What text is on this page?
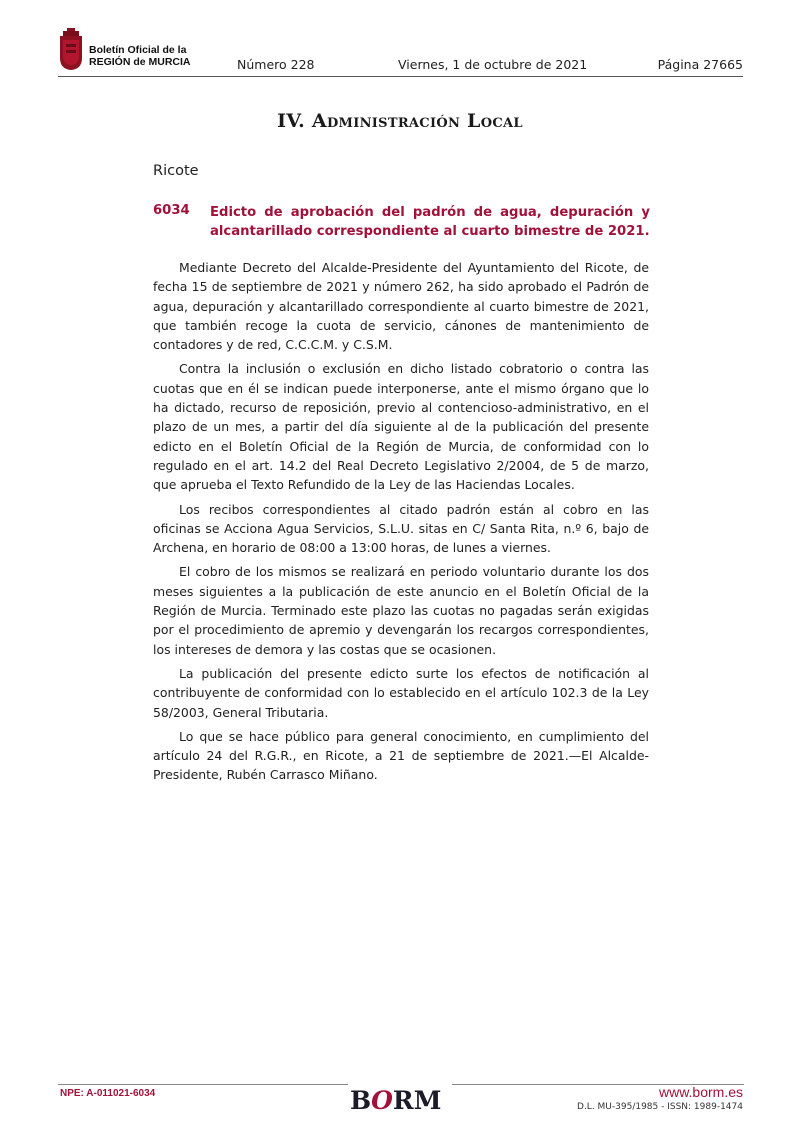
Boletín Oficial de la
REGIÓN de MURCIA	Número 228	Viernes, 1 de octubre de 2021	Página 27665
IV. Administración Local
Ricote
6034 Edicto de aprobación del padrón de agua, depuración y alcantarillado correspondiente al cuarto bimestre de 2021.

Mediante Decreto del Alcalde-Presidente del Ayuntamiento del Ricote, de fecha 15 de septiembre de 2021 y número 262, ha sido aprobado el Padrón de agua, depuración y alcantarillado correspondiente al cuarto bimestre de 2021, que también recoge la cuota de servicio, cánones de mantenimiento de contadores y de red, C.C.C.M. y C.S.M.

Contra la inclusión o exclusión en dicho listado cobratorio o contra las cuotas que en él se indican puede interponerse, ante el mismo órgano que lo ha dictado, recurso de reposición, previo al contencioso-administrativo, en el plazo de un mes, a partir del día siguiente al de la publicación del presente edicto en el Boletín Oficial de la Región de Murcia, de conformidad con lo regulado en el art. 14.2 del Real Decreto Legislativo 2/2004, de 5 de marzo, que aprueba el Texto Refundido de la Ley de las Haciendas Locales.

Los recibos correspondientes al citado padrón están al cobro en las oficinas se Acciona Agua Servicios, S.L.U. sitas en C/ Santa Rita, n.º 6, bajo de Archena, en horario de 08:00 a 13:00 horas, de lunes a viernes.

El cobro de los mismos se realizará en periodo voluntario durante los dos meses siguientes a la publicación de este anuncio en el Boletín Oficial de la Región de Murcia. Terminado este plazo las cuotas no pagadas serán exigidas por el procedimiento de apremio y devengarán los recargos correspondientes, los intereses de demora y las costas que se ocasionen.

La publicación del presente edicto surte los efectos de notificación al contribuyente de conformidad con lo establecido en el artículo 102.3 de la Ley 58/2003, General Tributaria.

Lo que se hace público para general conocimiento, en cumplimiento del artículo 24 del R.G.R., en Ricote, a 21 de septiembre de 2021.—El Alcalde-Presidente, Rubén Carrasco Miñano.

NPE: A-011021-6034	BORM	www.borm.es
D.L. MU-395/1985 - ISSN: 1989-1474
